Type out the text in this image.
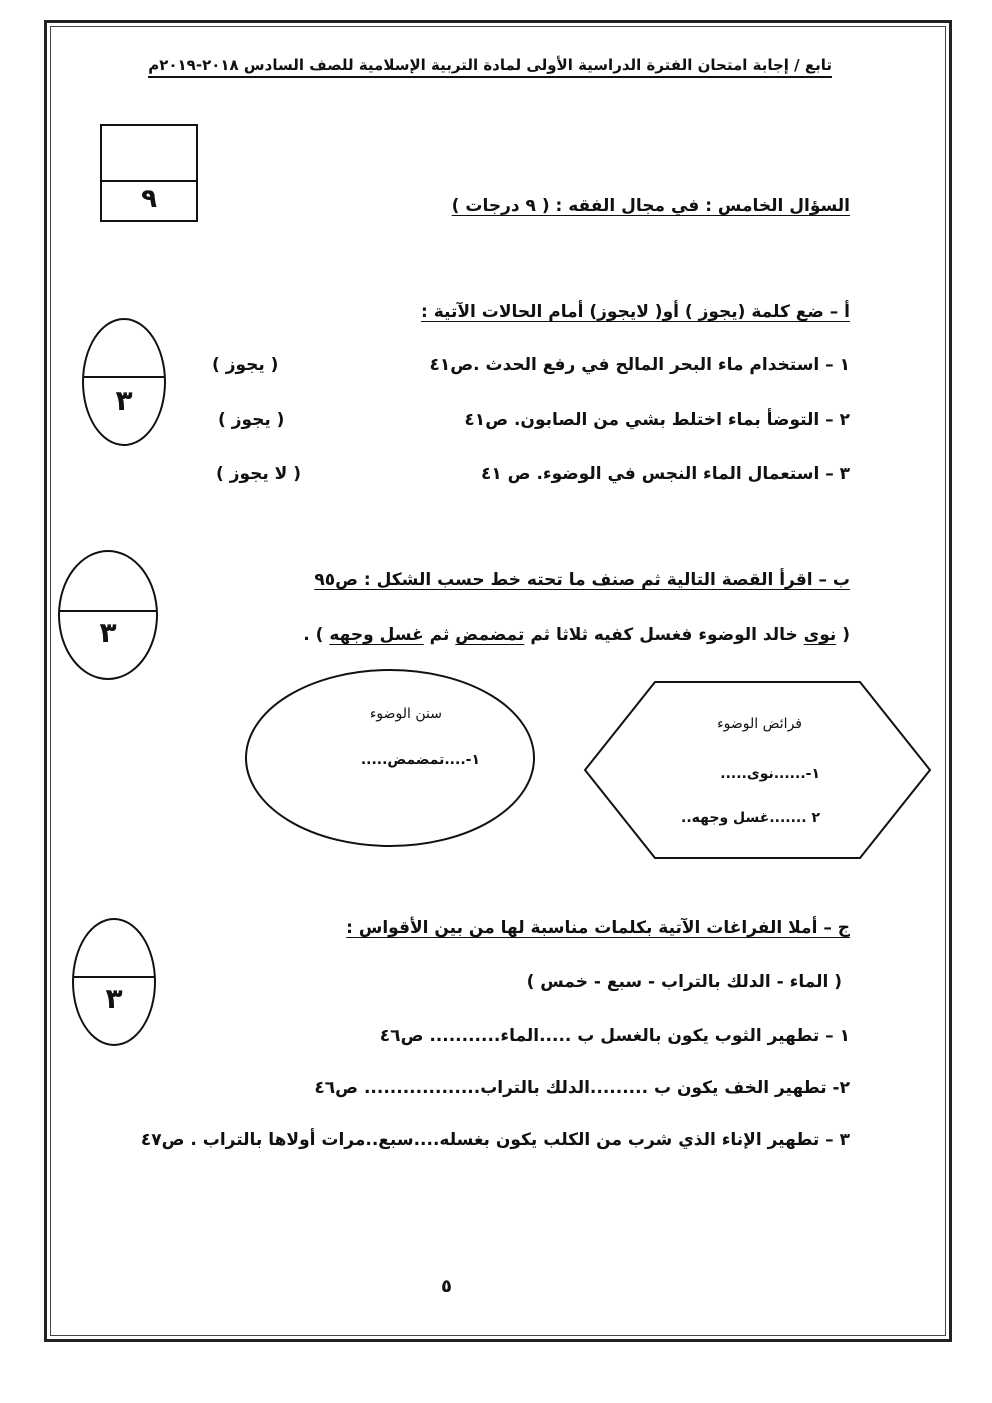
تابع / إجابة امتحان الفترة الدراسية الأولى لمادة التربية الإسلامية للصف السادس ٢٠١٨-٢٠١٩م
٩	السؤال الخامس : في مجال الفقه : ( ٩ درجات )
٣
أ – ضع كلمة (يجوز ) أو( لايجوز) أمام الحالات الآتية :
١ – استخدام ماء البحر المالح في رفع الحدث .ص٤١
( يجوز )
٢ – التوضأ بماء اختلط بشي من الصابون. ص٤١
( يجوز )
٣ – استعمال الماء النجس في الوضوء. ص ٤١
( لا يجوز )
٣
ب – اقرأ القصة التالية ثم صنف ما تحته خط حسب الشكل : ص٩٥
( نوى خالد الوضوء فغسل كفيه ثلاثا ثم تمضمض ثم غسل وجهه ) .
فرائض الوضوء
١-......نوى.....
٢ .......غسل وجهه..
سنن الوضوء
١-....تمضمض.....
٣
ج – أملا الفراغات الآتية بكلمات مناسبة لها من بين الأقواس :
( الماء - الدلك بالتراب - سبع - خمس )
١ – تطهير الثوب يكون بالغسل ب .....الماء........... ص٤٦
٢- تطهير الخف يكون ب .........الدلك بالتراب.................. ص٤٦
٣ – تطهير الإناء الذي شرب من الكلب يكون بغسله....سبع..مرات أولاها بالتراب . ص٤٧
٥
